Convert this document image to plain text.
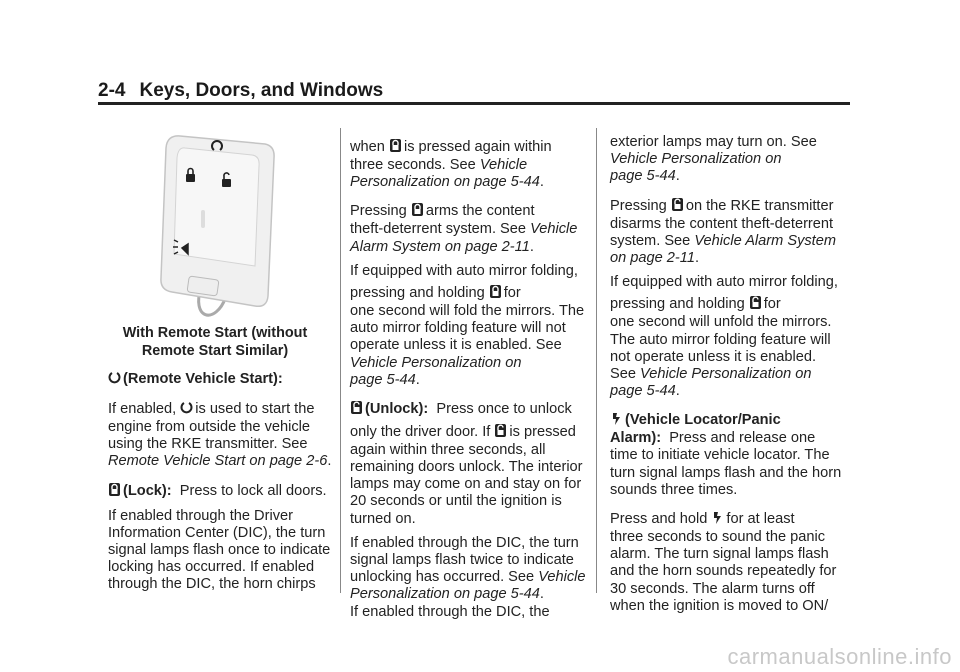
2-4 Keys, Doors, and Windows
With Remote Start (without
Remote Start Similar)
(Remote Vehicle Start):
If enabled, is used to start the
engine from outside the vehicle
using the RKE transmitter. See
Remote Vehicle Start on page 2-6.
(Lock):  Press to lock all doors.
If enabled through the Driver
Information Center (DIC), the turn
signal lamps flash once to indicate
locking has occurred. If enabled
through the DIC, the horn chirps
when is pressed again within
three seconds. See Vehicle
Personalization on page 5-44.
Pressing arms the content
theft-deterrent system. See Vehicle
Alarm System on page 2-11.
If equipped with auto mirror folding,
pressing and holding for
one second will fold the mirrors. The
auto mirror folding feature will not
operate unless it is enabled. See
Vehicle Personalization on
page 5-44.
(Unlock):  Press once to unlock
only the driver door. If is pressed
again within three seconds, all
remaining doors unlock. The interior
lamps may come on and stay on for
20 seconds or until the ignition is
turned on.
If enabled through the DIC, the turn
signal lamps flash twice to indicate
unlocking has occurred. See Vehicle
Personalization on page 5-44.
If enabled through the DIC, the
exterior lamps may turn on. See
Vehicle Personalization on
page 5-44.
Pressing on the RKE transmitter
disarms the content theft-deterrent
system. See Vehicle Alarm System
on page 2-11.
If equipped with auto mirror folding,
pressing and holding for
one second will unfold the mirrors.
The auto mirror folding feature will
not operate unless it is enabled.
See Vehicle Personalization on
page 5-44.
(Vehicle Locator/Panic
Alarm):  Press and release one
time to initiate vehicle locator. The
turn signal lamps flash and the horn
sounds three times.
Press and hold for at least
three seconds to sound the panic
alarm. The turn signal lamps flash
and the horn sounds repeatedly for
30 seconds. The alarm turns off
when the ignition is moved to ON/
carmanualsonline.info
